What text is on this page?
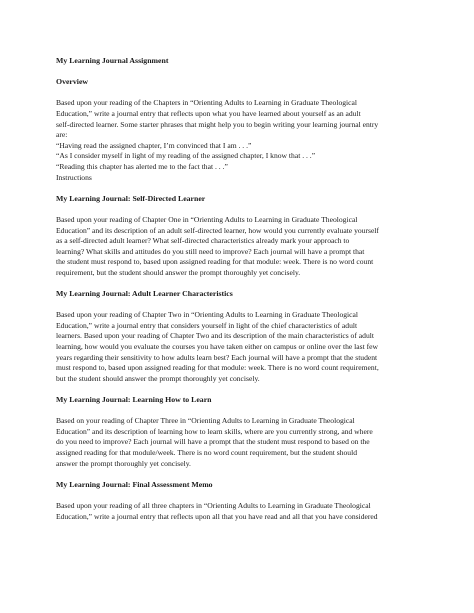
My Learning Journal Assignment

Overview

Based upon your reading of the Chapters in “Orienting Adults to Learning in Graduate Theological

Education,” write a journal entry that reflects upon what you have learned about yourself as an adult

self-directed learner. Some starter phrases that might help you to begin writing your learning journal entry

are:

“Having read the assigned chapter, I’m convinced that I am . . .”

“As I consider myself in light of my reading of the assigned chapter, I know that . . .”

“Reading this chapter has alerted me to the fact that . . .”

Instructions

My Learning Journal: Self-Directed Learner

Based upon your reading of Chapter One in “Orienting Adults to Learning in Graduate Theological

Education” and its description of an adult self-directed learner, how would you currently evaluate yourself

as a self-directed adult learner? What self-directed characteristics already mark your approach to

learning? What skills and attitudes do you still need to improve? Each journal will have a prompt that

the student must respond to, based upon assigned reading for that module: week. There is no word count

requirement, but the student should answer the prompt thoroughly yet concisely.

My Learning Journal: Adult Learner Characteristics

Based upon your reading of Chapter Two in “Orienting Adults to Learning in Graduate Theological

Education,” write a journal entry that considers yourself in light of the chief characteristics of adult

learners. Based upon your reading of Chapter Two and its description of the main characteristics of adult

learning, how would you evaluate the courses you have taken either on campus or online over the last few

years regarding their sensitivity to how adults learn best? Each journal will have a prompt that the student

must respond to, based upon assigned reading for that module: week. There is no word count requirement,

but the student should answer the prompt thoroughly yet concisely.

My Learning Journal: Learning How to Learn

Based on your reading of Chapter Three in “Orienting Adults to Learning in Graduate Theological

Education” and its description of learning how to learn skills, where are you currently strong, and where

do you need to improve? Each journal will have a prompt that the student must respond to based on the

assigned reading for that module/week. There is no word count requirement, but the student should

answer the prompt thoroughly yet concisely.

My Learning Journal: Final Assessment Memo

Based upon your reading of all three chapters in “Orienting Adults to Learning in Graduate Theological

Education,” write a journal entry that reflects upon all that you have read and all that you have considered
